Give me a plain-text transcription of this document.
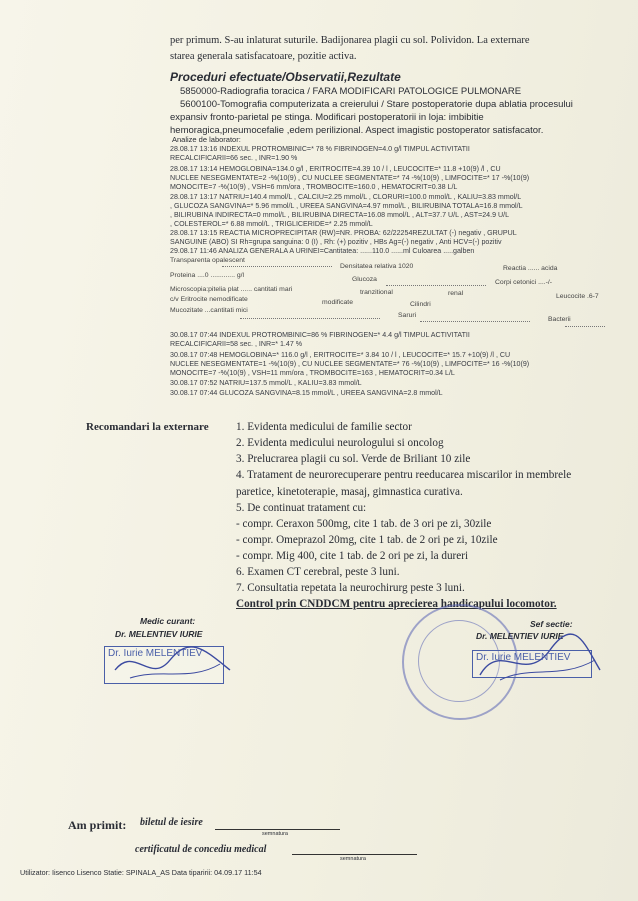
per primum. S-au inlaturat suturile. Badijonarea plagii cu sol. Polividon. La externare
starea generala satisfacatoare, pozitie activa.
Proceduri efectuate/Observatii,Rezultate
5850000-Radiografia toracica / FARA MODIFICARI PATOLOGICE PULMONARE
5600100-Tomografia computerizata a creierului / Stare postoperatorie dupa ablatia procesului
expansiv fronto-parietal pe stinga. Modificari postoperatorii in loja: imbibitie
hemoragica,pneumocefalie ,edem perilizional. Aspect imagistic postoperator satisfacator.
Analize de laborator:
28.08.17 13:16 INDEXUL PROTROMBINIC=* 78 % FIBRINOGEN=4.0 g/l TIMPUL ACTIVITATII
RECALCIFICARII=66 sec. , INR=1.90 %
28.08.17 13:14 HEMOGLOBINA=134.0 g/l , ERITROCITE=4.39 10 / l , LEUCOCITE=* 11.8 +10(9) /l , CU
NUCLEE NESEGMENTATE=2 -%(10(9) , CU NUCLEE SEGMENTATE=* 74 -%(10(9) , LIMFOCITE=* 17 -%(10(9)
MONOCITE=7 -%(10(9) , VSH=6 mm/ora , TROMBOCITE=160.0 , HEMATOCRIT=0.38 L/L
28.08.17 13:17 NATRIU=140.4 mmol/L , CALCIU=2.25 mmol/L , CLORURI=100.0 mmol/L , KALIU=3.83 mmol/L
, GLUCOZA SANGVINA=* 5.96 mmol/L , UREEA SANGVINA=4.97 mmol/L , BILIRUBINA TOTALA=16.8 mmol/L
, BILIRUBINA INDIRECTA=0 mmol/L , BILIRUBINA DIRECTA=16.08 mmol/L , ALT=37.7 U/L , AST=24.9 U/L
, COLESTEROL=* 6.88 mmol/L , TRIGLICERIDE=* 2.25 mmol/L
28.08.17 13:15 REACTIA MICROPRECIPITAR (RW)=NR. PROBA: 62/22254REZULTAT (-) negativ , GRUPUL
SANGUINE (ABO) SI Rh=grupa sanguina: 0 (I) , Rh: (+) pozitiv , HBs Ag=(-) negativ , Anti HCV=(-) pozitiv
29.08.17 11:46 ANALIZA GENERALA A URINEI=Cantitatea: ......110.0 ......ml Culoarea .....galben
Transparenta opalescent
Densitatea relativa 1020	Reactia ...... acida
Proteina ....0 ............. g/l
Glucoza	Corpi cetonici ....-/-
Microscopia:pitelia plat ...... cantitati mari	tranzitional	renal	Leucocite .6-7
c/v Eritrocite nemodificate	modificate	Cilindri
Mucozitate ...cantitati mici
Saruri
Bacterii
30.08.17 07:44 INDEXUL PROTROMBINIC=86 % FIBRINOGEN=* 4.4 g/l TIMPUL ACTIVITATII
RECALCIFICARII=58 sec. , INR=* 1.47 %
30.08.17 07:48 HEMOGLOBINA=* 116.0 g/l , ERITROCITE=* 3.84 10 / l , LEUCOCITE=* 15.7 +10(9) /l , CU
NUCLEE NESEGMENTATE=1 -%(10(9) , CU NUCLEE SEGMENTATE=* 76 -%(10(9) , LIMFOCITE=* 16 -%(10(9)
MONOCITE=7 -%(10(9) , VSH=11 mm/ora , TROMBOCITE=163 , HEMATOCRIT=0.34 L/L
30.08.17 07:52 NATRIU=137.5 mmol/L , KALIU=3.83 mmol/L
30.08.17 07:44 GLUCOZA SANGVINA=8.15 mmol/L , UREEA SANGVINA=2.8 mmol/L
Recomandari la externare 1. Evidenta medicului de familie sector
2. Evidenta medicului neurologului si oncolog
3. Prelucrarea plagii cu sol. Verde de Briliant 10 zile
4. Tratament de neurorecuperare pentru reeducarea miscarilor in membrele
paretice, kinetoterapie, masaj, gimnastica curativa.
5. De continuat tratament cu:
- compr. Ceraxon 500mg, cite 1 tab. de 3 ori pe zi, 30zile
- compr. Omeprazol 20mg, cite 1 tab. de 2 ori pe zi, 10zile
- compr. Mig 400, cite 1 tab. de 2 ori pe zi, la dureri
6. Examen CT cerebral, peste 3 luni.
7. Consultatia repetata la neurochirurg peste 3 luni.
Control prin CNDDCM pentru aprecierea handicapului locomotor.
Medic curant:
Dr. MELENTIEV IURIE
Dr. Iurie MELENTIEV
Sef sectie:
Dr. MELENTIEV IURIE
Dr. Iurie MELENTIEV
Am primit: biletul de iesire
semnatura
certificatul de concediu medical
semnatura
Utilizator: Iisenco Lisenco Statie: SPINALA_AS Data tiparirii: 04.09.17 11:54
